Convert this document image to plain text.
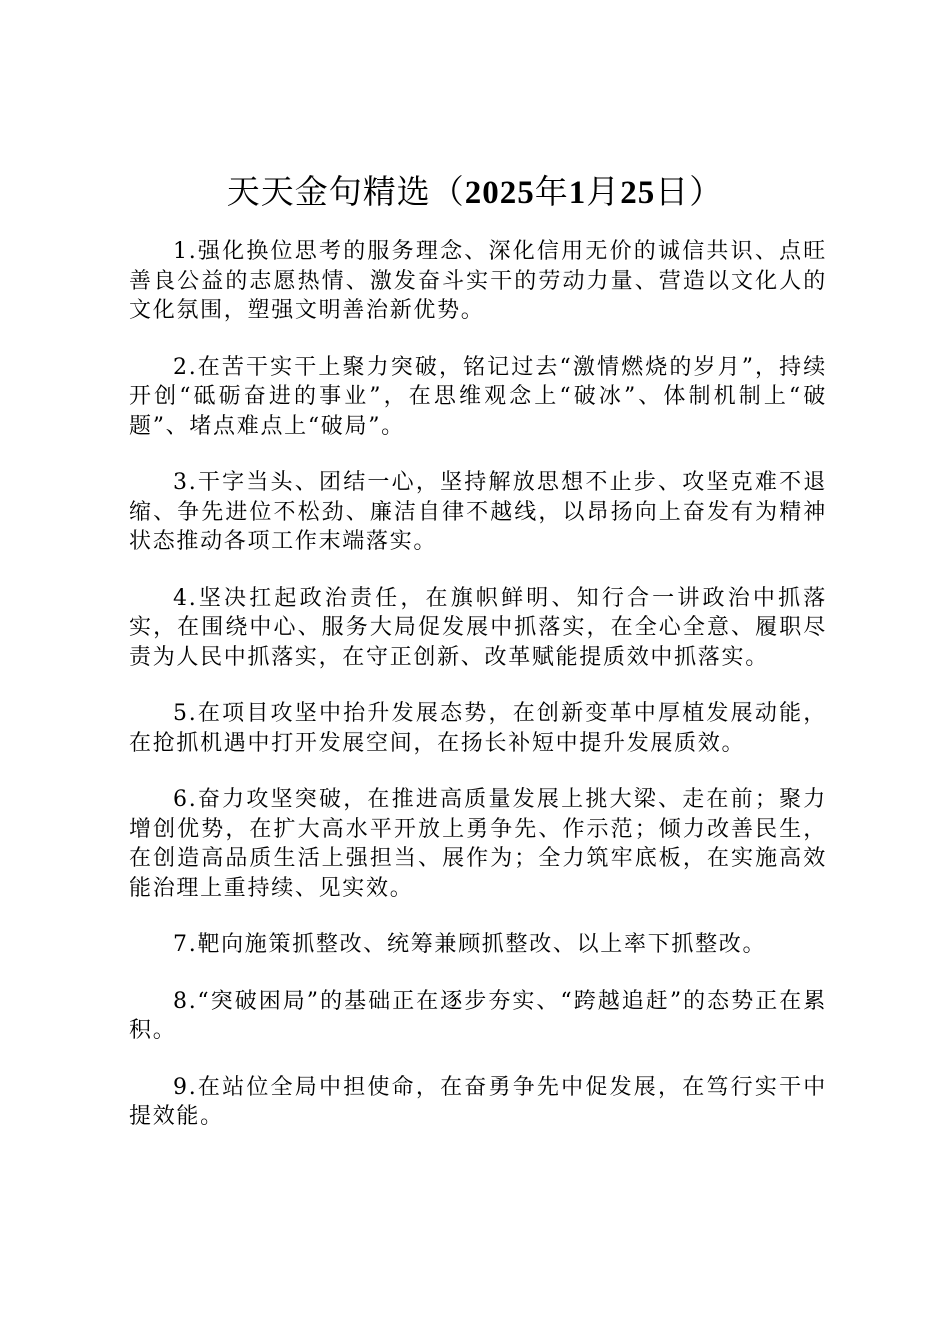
天天金句精选（2025年1月25日）

1.强化换位思考的服务理念、深化信用无价的诚信共识、点旺善良公益的志愿热情、激发奋斗实干的劳动力量、营造以文化人的文化氛围，塑强文明善治新优势。

2.在苦干实干上聚力突破，铭记过去“激情燃烧的岁月”，持续开创“砥砺奋进的事业”，在思维观念上“破冰”、体制机制上“破题”、堵点难点上“破局”。

3.干字当头、团结一心，坚持解放思想不止步、攻坚克难不退缩、争先进位不松劲、廉洁自律不越线，以昂扬向上奋发有为精神状态推动各项工作末端落实。

4.坚决扛起政治责任，在旗帜鲜明、知行合一讲政治中抓落实，在围绕中心、服务大局促发展中抓落实，在全心全意、履职尽责为人民中抓落实，在守正创新、改革赋能提质效中抓落实。

5.在项目攻坚中抬升发展态势，在创新变革中厚植发展动能，在抢抓机遇中打开发展空间，在扬长补短中提升发展质效。

6.奋力攻坚突破，在推进高质量发展上挑大梁、走在前；聚力增创优势，在扩大高水平开放上勇争先、作示范；倾力改善民生，在创造高品质生活上强担当、展作为；全力筑牢底板，在实施高效能治理上重持续、见实效。

7.靶向施策抓整改、统筹兼顾抓整改、以上率下抓整改。

8.“突破困局”的基础正在逐步夯实、“跨越追赶”的态势正在累积。

9.在站位全局中担使命，在奋勇争先中促发展，在笃行实干中提效能。
